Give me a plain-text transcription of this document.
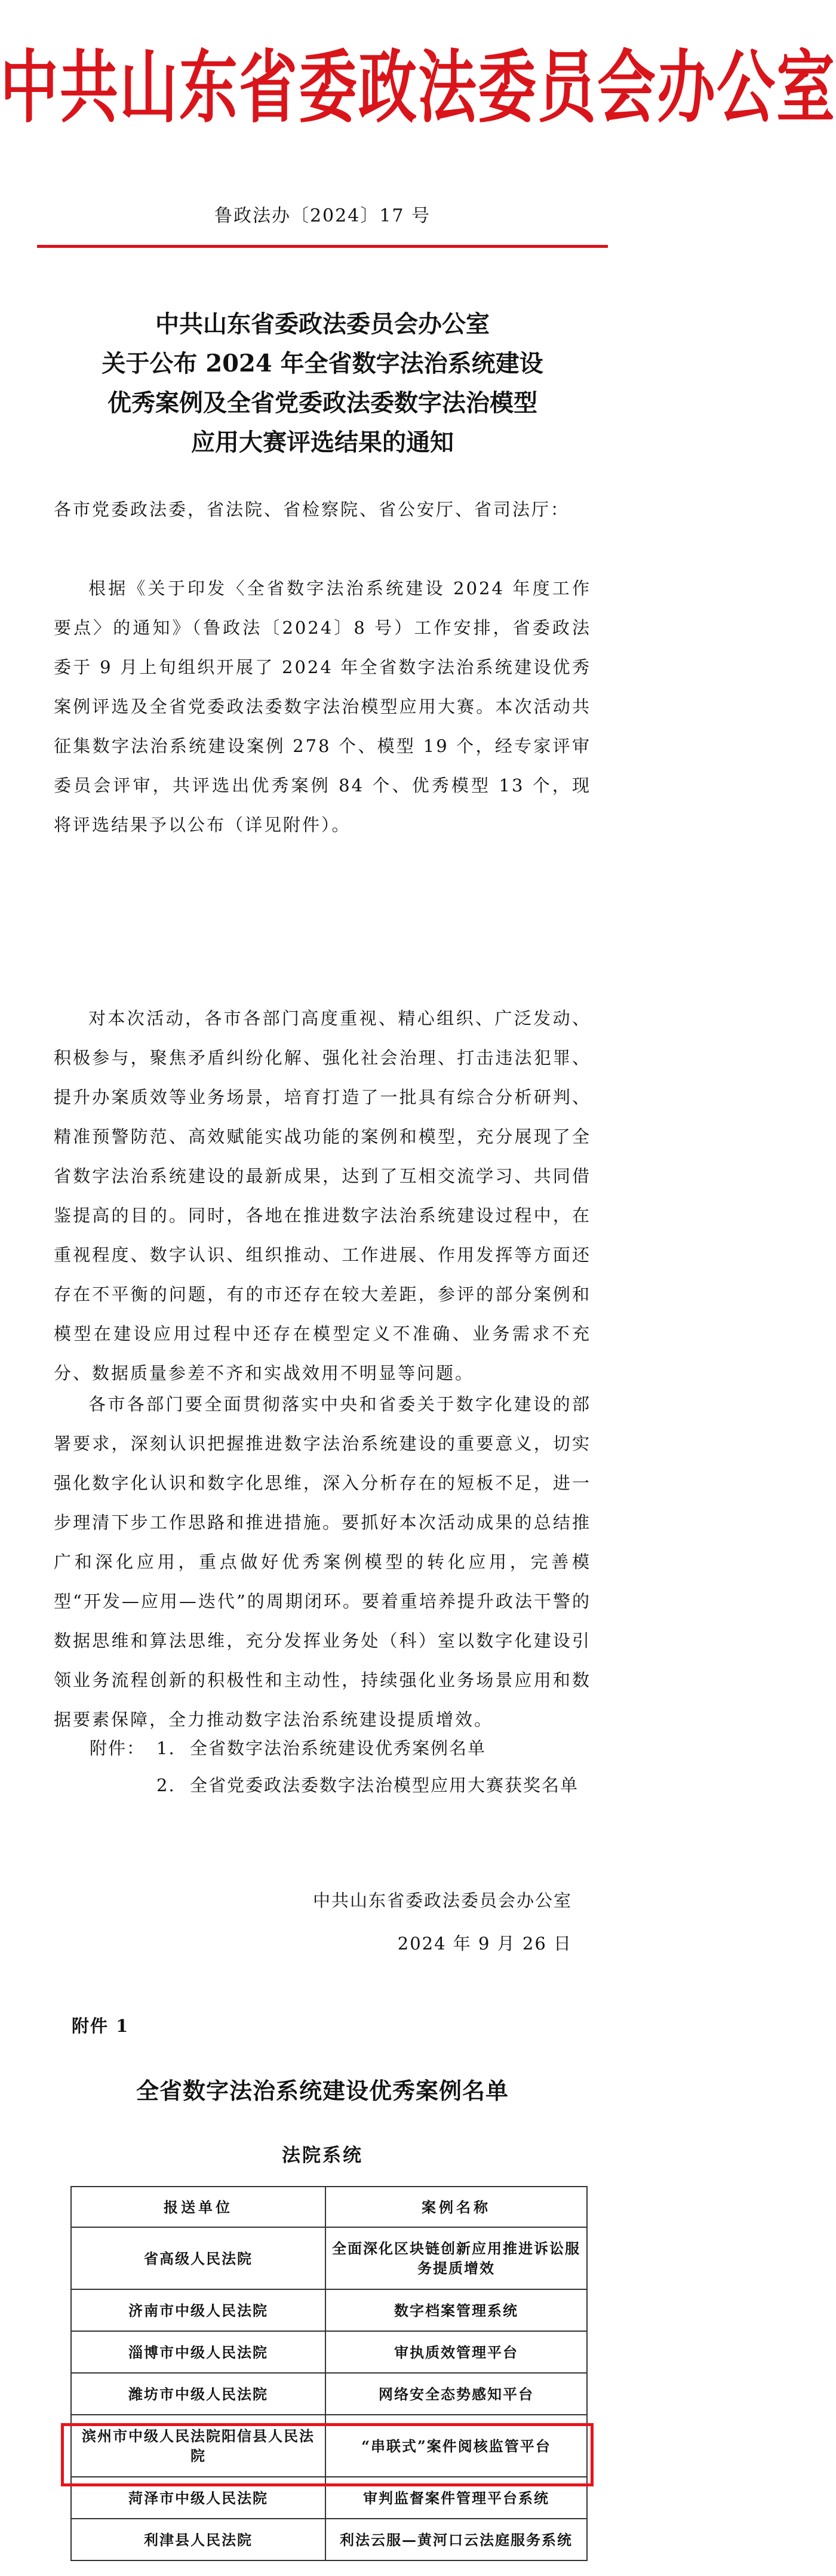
中共山东省委政法委员会办公室
鲁政法办〔2024〕17 号
中共山东省委政法委员会办公室
关于公布 2024 年全省数字法治系统建设
优秀案例及全省党委政法委数字法治模型
应用大赛评选结果的通知
各市党委政法委，省法院、省检察院、省公安厅、省司法厅：
根据《关于印发〈全省数字法治系统建设 2024 年度工作要点〉的通知》（鲁政法〔2024〕8 号）工作安排，省委政法委于 9 月上旬组织开展了 2024 年全省数字法治系统建设优秀案例评选及全省党委政法委数字法治模型应用大赛。本次活动共征集数字法治系统建设案例 278 个、模型 19 个，经专家评审委员会评审，共评选出优秀案例 84 个、优秀模型 13 个，现将评选结果予以公布（详见附件）。
对本次活动，各市各部门高度重视、精心组织、广泛发动、积极参与，聚焦矛盾纠纷化解、强化社会治理、打击违法犯罪、提升办案质效等业务场景，培育打造了一批具有综合分析研判、精准预警防范、高效赋能实战功能的案例和模型，充分展现了全省数字法治系统建设的最新成果，达到了互相交流学习、共同借鉴提高的目的。同时，各地在推进数字法治系统建设过程中，在重视程度、数字认识、组织推动、工作进展、作用发挥等方面还存在不平衡的问题，有的市还存在较大差距，参评的部分案例和模型在建设应用过程中还存在模型定义不准确、业务需求不充分、数据质量参差不齐和实战效用不明显等问题。
各市各部门要全面贯彻落实中央和省委关于数字化建设的部署要求，深刻认识把握推进数字法治系统建设的重要意义，切实强化数字化认识和数字化思维，深入分析存在的短板不足，进一步理清下步工作思路和推进措施。要抓好本次活动成果的总结推广和深化应用，重点做好优秀案例模型的转化应用，完善模型“开发—应用—迭代”的周期闭环。要着重培养提升政法干警的数据思维和算法思维，充分发挥业务处（科）室以数字化建设引领业务流程创新的积极性和主动性，持续强化业务场景应用和数据要素保障，全力推动数字法治系统建设提质增效。
附件： 1. 全省数字法治系统建设优秀案例名单
2. 全省党委政法委数字法治模型应用大赛获奖名单
中共山东省委政法委员会办公室
2024 年 9 月 26 日
附件 1
全省数字法治系统建设优秀案例名单
法院系统
报送单位	案例名称
省高级人民法院	全面深化区块链创新应用推进诉讼服务提质增效
济南市中级人民法院	数字档案管理系统
淄博市中级人民法院	审执质效管理平台
潍坊市中级人民法院	网络安全态势感知平台
滨州市中级人民法院阳信县人民法院	“串联式”案件阅核监管平台
菏泽市中级人民法院	审判监督案件管理平台系统
利津县人民法院	利法云服—黄河口云法庭服务系统
